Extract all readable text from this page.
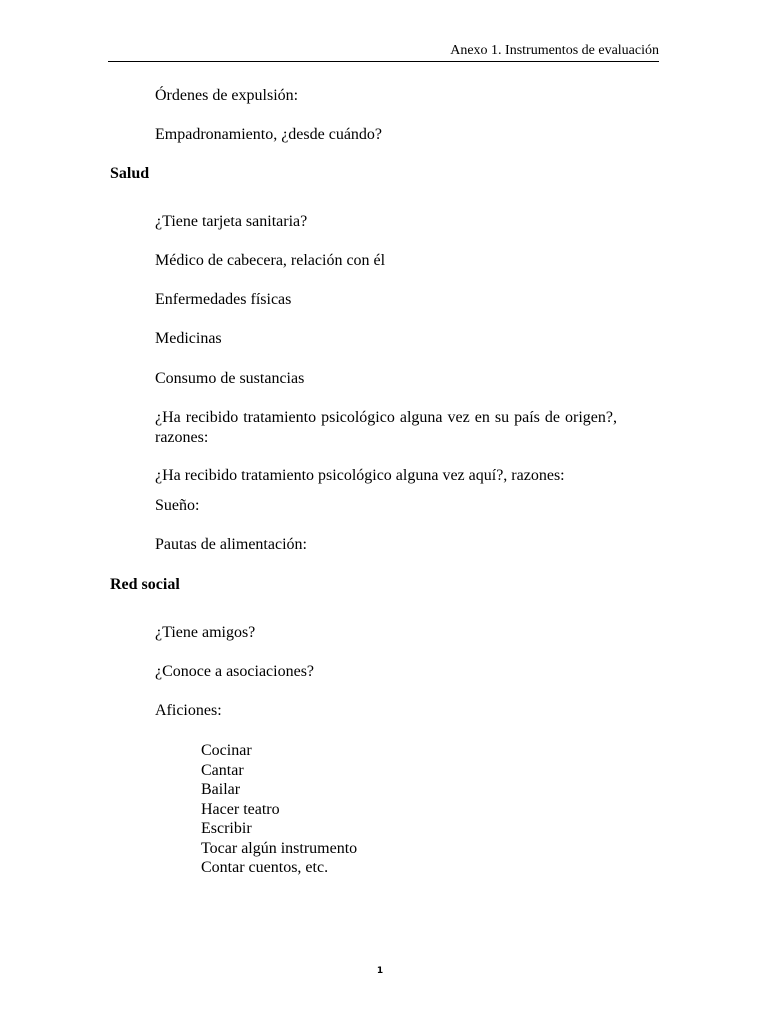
Anexo 1. Instrumentos de evaluación
Órdenes de expulsión:
Empadronamiento, ¿desde cuándo?
Salud
¿Tiene tarjeta sanitaria?
Médico de cabecera, relación con él
Enfermedades físicas
Medicinas
Consumo de sustancias
¿Ha recibido tratamiento psicológico alguna vez en su país de origen?, razones:
¿Ha recibido tratamiento psicológico alguna vez aquí?, razones:
Sueño:
Pautas de alimentación:
Red social
¿Tiene amigos?
¿Conoce a asociaciones?
Aficiones:
Cocinar
Cantar
Bailar
Hacer teatro
Escribir
Tocar algún instrumento
Contar cuentos, etc.
1
